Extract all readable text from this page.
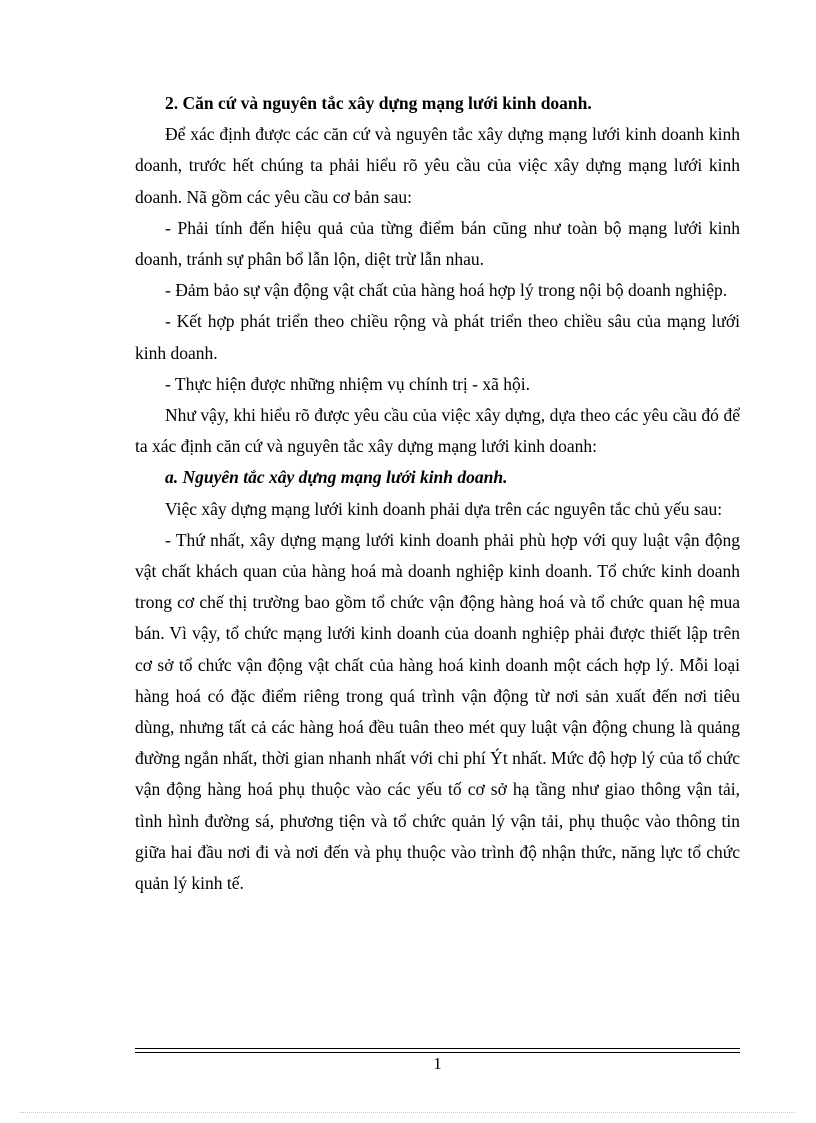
2. Căn cứ và nguyên tắc xây dựng mạng lưới kinh doanh.

Để xác định được các căn cứ và nguyên tắc xây dựng mạng lưới kinh doanh kinh doanh, trước hết chúng ta phải hiểu rõ yêu cầu của việc xây dựng mạng lưới kinh doanh. Nã gồm các yêu cầu cơ bản sau:

- Phải tính đến hiệu quả của từng điểm bán cũng như toàn bộ mạng lưới kinh doanh, tránh sự phân bổ lẫn lộn, diệt trừ lẫn nhau.

- Đảm bảo sự vận động vật chất của hàng hoá hợp lý trong nội bộ doanh nghiệp.

- Kết hợp phát triển theo chiều rộng và phát triển theo chiều sâu của mạng lưới kinh doanh.

- Thực hiện được những nhiệm vụ chính trị - xã hội.

Như vậy, khi hiểu rõ được yêu cầu của việc xây dựng, dựa theo các yêu cầu đó để ta xác định căn cứ và nguyên tắc xây dựng mạng lưới kinh doanh:

a. Nguyên tắc xây dựng mạng lưới kinh doanh.

Việc xây dựng mạng lưới kinh doanh phải dựa trên các nguyên tắc chủ yếu sau:

- Thứ nhất, xây dựng mạng lưới kinh doanh phải phù hợp với quy luật vận động vật chất khách quan của hàng hoá mà doanh nghiệp kinh doanh. Tổ chức kinh doanh trong cơ chế thị trường bao gồm tổ chức vận động hàng hoá và tổ chức quan hệ mua bán. Vì vậy, tổ chức mạng lưới kinh doanh của doanh nghiệp phải được thiết lập trên cơ sở tổ chức vận động vật chất của hàng hoá kinh doanh một cách hợp lý. Mỗi loại hàng hoá có đặc điểm riêng trong quá trình vận động từ nơi sản xuất đến nơi tiêu dùng, nhưng tất cả các hàng hoá đều tuân theo mét quy luật vận động chung là quảng đường ngắn nhất, thời gian nhanh nhất với chi phí Ýt nhất. Mức độ hợp lý của tổ chức vận động hàng hoá phụ thuộc vào các yếu tố cơ sở hạ tầng như giao thông vận tải, tình hình đường sá, phương tiện và tổ chức quản lý vận tải, phụ thuộc vào thông tin giữa hai đầu nơi đi và nơi đến và phụ thuộc vào trình độ nhận thức, năng lực tổ chức quản lý kinh tế.

1
